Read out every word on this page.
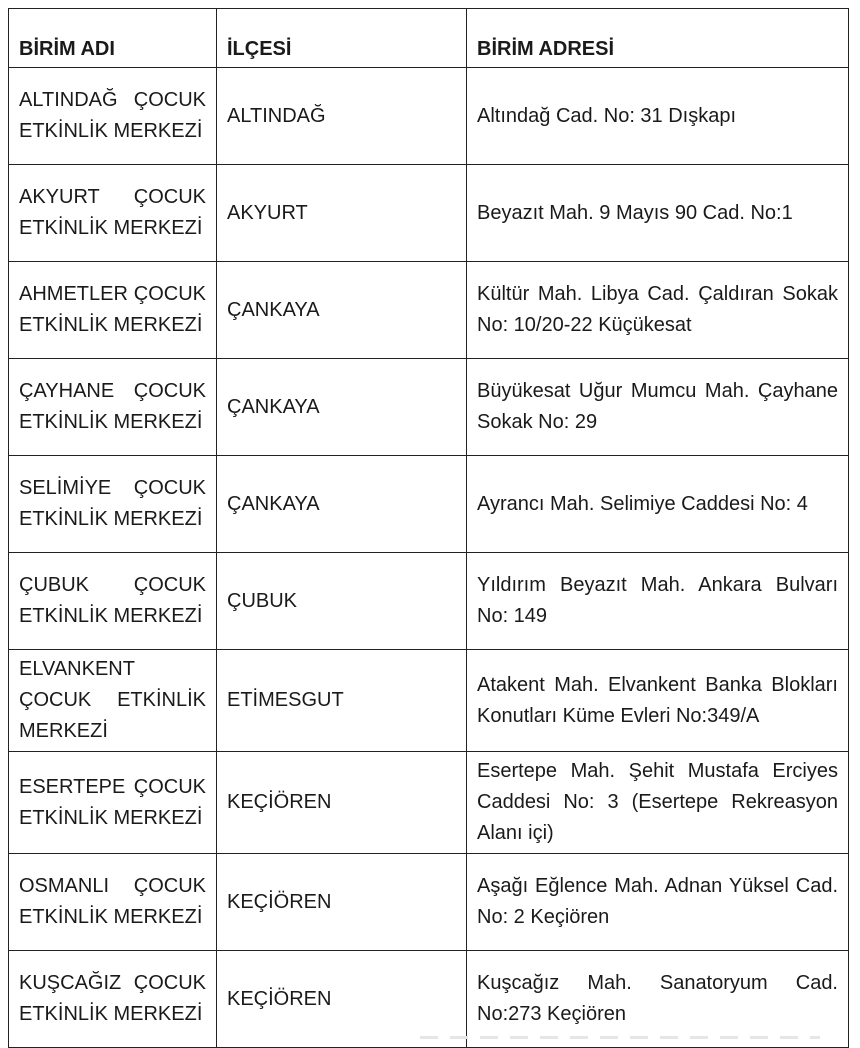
BİRİM ADI	İLÇESİ	BİRİM ADRESİ
ALTINDAĞ ÇOCUK ETKİNLİK MERKEZİ	ALTINDAĞ	Altındağ Cad. No: 31 Dışkapı
AKYURT ÇOCUK ETKİNLİK MERKEZİ	AKYURT	Beyazıt Mah. 9 Mayıs 90 Cad. No:1
AHMETLER ÇOCUK ETKİNLİK MERKEZİ	ÇANKAYA	Kültür Mah. Libya Cad. Çaldıran Sokak No: 10/20-22 Küçükesat
ÇAYHANE ÇOCUK ETKİNLİK MERKEZİ	ÇANKAYA	Büyükesat Uğur Mumcu Mah. Çayhane Sokak No: 29
SELİMİYE ÇOCUK ETKİNLİK MERKEZİ	ÇANKAYA	Ayrancı Mah. Selimiye Caddesi No: 4
ÇUBUK ÇOCUK ETKİNLİK MERKEZİ	ÇUBUK	Yıldırım Beyazıt Mah. Ankara Bulvarı No: 149
ELVANKENT ÇOCUK ETKİNLİK MERKEZİ	ETİMESGUT	Atakent Mah. Elvankent Banka Blokları Konutları Küme Evleri No:349/A
ESERTEPE ÇOCUK ETKİNLİK MERKEZİ	KEÇİÖREN	Esertepe Mah. Şehit Mustafa Erciyes Caddesi No: 3 (Esertepe Rekreasyon Alanı içi)
OSMANLI ÇOCUK ETKİNLİK MERKEZİ	KEÇİÖREN	Aşağı Eğlence Mah. Adnan Yüksel Cad. No: 2 Keçiören
KUŞCAĞIZ ÇOCUK ETKİNLİK MERKEZİ	KEÇİÖREN	Kuşcağız Mah. Sanatoryum Cad. No:273 Keçiören
